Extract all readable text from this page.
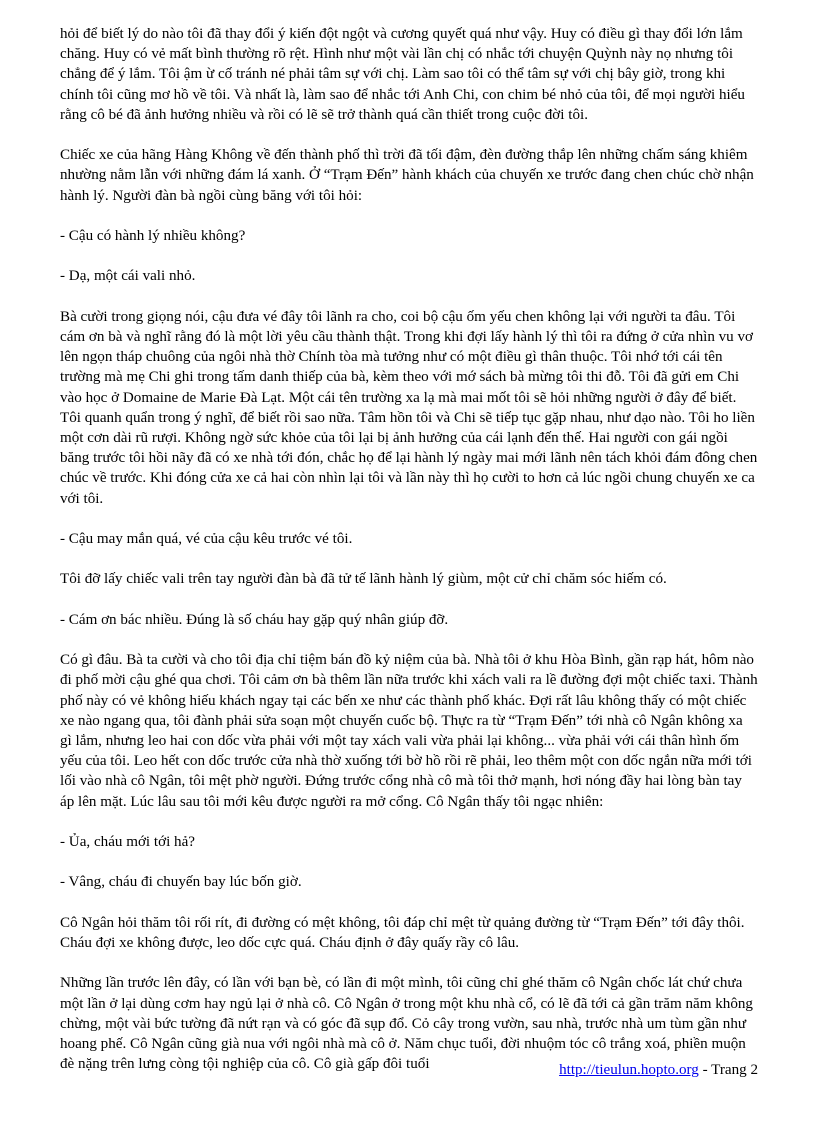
hỏi để biết lý do nào tôi đã thay đổi ý kiến đột ngột và cương quyết quá như vậy. Huy có điều gì thay đổi lớn lắm chăng. Huy có vẻ mất bình thường rõ rệt. Hình như một vài lần chị có nhắc tới chuyện Quỳnh này nọ nhưng tôi chẳng để ý lắm. Tôi ậm ừ cố tránh né phải tâm sự với chị. Làm sao tôi có thể tâm sự với chị bây giờ, trong khi chính tôi cũng mơ hồ về tôi. Và nhất là, làm sao để nhắc tới Anh Chi, con chim bé nhỏ của tôi, để mọi người hiểu rằng cô bé đã ảnh hưởng nhiều và rồi có lẽ sẽ trở thành quá cần thiết trong cuộc đời tôi.

Chiếc xe của hãng Hàng Không về đến thành phố thì trời đã tối đậm, đèn đường thắp lên những chấm sáng khiêm nhường nằm lẫn với những đám lá xanh. Ở “Trạm Đến” hành khách của chuyến xe trước đang chen chúc chờ nhận hành lý. Người đàn bà ngồi cùng băng với tôi hỏi:

- Cậu có hành lý nhiều không?

- Dạ, một cái vali nhỏ.

Bà cười trong giọng nói, cậu đưa vé đây tôi lãnh ra cho, coi bộ cậu ốm yếu chen không lại với người ta đâu. Tôi cám ơn bà và nghĩ rằng đó là một lời yêu cầu thành thật. Trong khi đợi lấy hành lý thì tôi ra đứng ở cửa nhìn vu vơ lên ngọn tháp chuông của ngôi nhà thờ Chính tòa mà tưởng như có một điều gì thân thuộc. Tôi nhớ tới cái tên trường mà mẹ Chi ghi trong tấm danh thiếp của bà, kèm theo với mớ sách bà mừng tôi thi đỗ. Tôi đã gửi em Chi vào học ở Domaine de Marie Đà Lạt. Một cái tên trường xa lạ mà mai mốt tôi sẽ hỏi những người ở đây để biết. Tôi quanh quẩn trong ý nghĩ, để biết rồi sao nữa. Tâm hồn tôi và Chi sẽ tiếp tục gặp nhau, như dạo nào. Tôi ho liền một cơn dài rũ rượi. Không ngờ sức khỏe của tôi lại bị ảnh hưởng của cái lạnh đến thế. Hai người con gái ngồi băng trước tôi hồi nãy đã có xe nhà tới đón, chắc họ để lại hành lý ngày mai mới lãnh nên tách khỏi đám đông chen chúc về trước. Khi đóng cửa xe cả hai còn nhìn lại tôi và lần này thì họ cười to hơn cả lúc ngồi chung chuyến xe ca với tôi.

- Cậu may mắn quá, vé của cậu kêu trước vé tôi.

Tôi đỡ lấy chiếc vali trên tay người đàn bà đã tử tế lãnh hành lý giùm, một cử chỉ chăm sóc hiếm có.

- Cám ơn bác nhiều. Đúng là số cháu hay gặp quý nhân giúp đỡ.

Có gì đâu. Bà ta cười và cho tôi địa chỉ tiệm bán đồ kỷ niệm của bà. Nhà tôi ở khu Hòa Bình, gần rạp hát, hôm nào đi phố mời cậu ghé qua chơi. Tôi cảm ơn bà thêm lần nữa trước khi xách vali ra lề đường đợi một chiếc taxi. Thành phố này có vẻ không hiếu khách ngay tại các bến xe như các thành phố khác. Đợi rất lâu không thấy có một chiếc xe nào ngang qua, tôi đành phải sửa soạn một chuyến cuốc bộ. Thực ra từ “Trạm Đến” tới nhà cô Ngân không xa gì lắm, nhưng leo hai con dốc vừa phải với một tay xách vali vừa phải lại không... vừa phải với cái thân hình ốm yếu của tôi. Leo hết con dốc trước cửa nhà thờ xuống tới bờ hồ rồi rẽ phải, leo thêm một con dốc ngắn nữa mới tới lối vào nhà cô Ngân, tôi mệt phờ người. Đứng trước cổng nhà cô mà tôi thở mạnh, hơi nóng đầy hai lòng bàn tay áp lên mặt. Lúc lâu sau tôi mới kêu được người ra mở cổng. Cô Ngân thấy tôi ngạc nhiên:

- Ủa, cháu mới tới hả?

- Vâng, cháu đi chuyến bay lúc bốn giờ.

Cô Ngân hỏi thăm tôi rối rít, đi đường có mệt không, tôi đáp chỉ mệt từ quảng đường từ “Trạm Đến” tới đây thôi. Cháu đợi xe không được, leo dốc cực quá. Cháu định ở đây quấy rầy cô lâu.

Những lần trước lên đây, có lần với bạn bè, có lần đi một mình, tôi cũng chỉ ghé thăm cô Ngân chốc lát chứ chưa một lần ở lại dùng cơm hay ngủ lại ở nhà cô. Cô Ngân ở trong một khu nhà cổ, có lẽ đã tới cả gần trăm năm không chừng, một vài bức tường đã nứt rạn và có góc đã sụp đổ. Cỏ cây trong vườn, sau nhà, trước nhà um tùm gần như hoang phế. Cô Ngân cũng già nua với ngôi nhà mà cô ở. Năm chục tuổi, đời nhuộm tóc cô trắng xoá, phiền muộn đè nặng trên lưng còng tội nghiệp của cô. Cô già gấp đôi tuổi	http://tieulun.hopto.org - Trang 2
